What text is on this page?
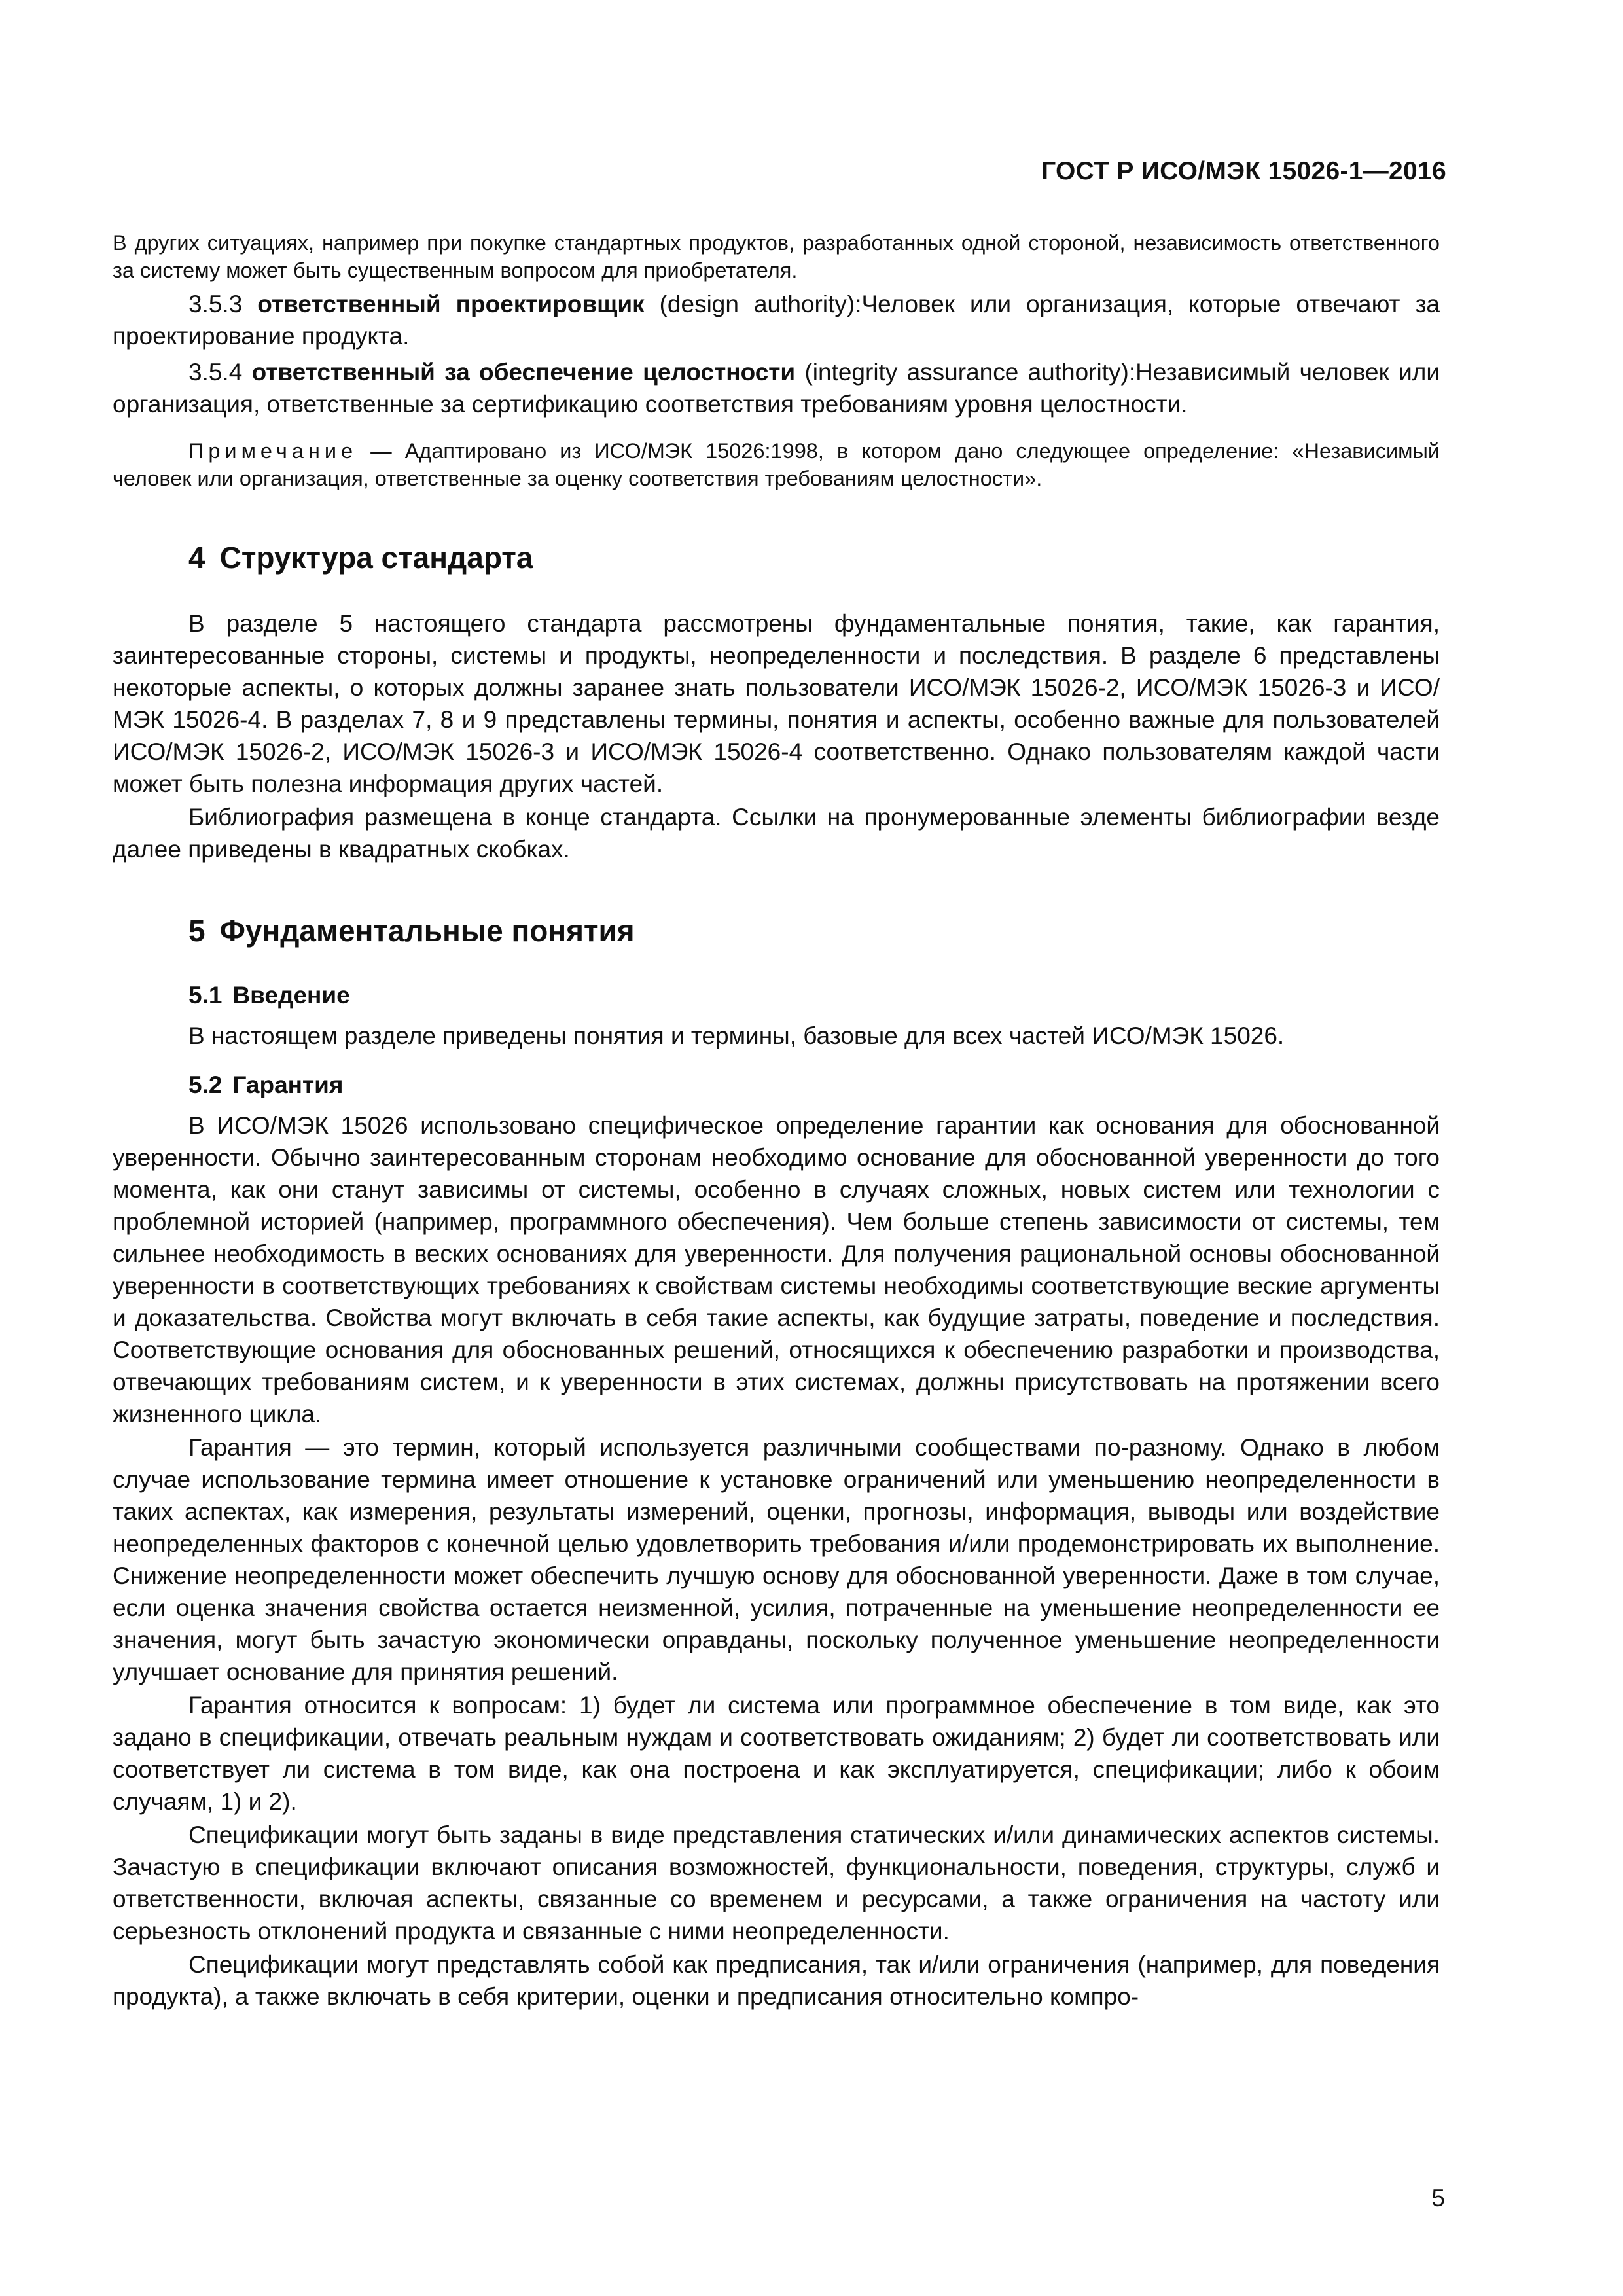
ГОСТ Р ИСО/МЭК 15026-1—2016

В других ситуациях, например при покупке стандартных продуктов, разработанных одной стороной, независимость ответственного за систему может быть существенным вопросом для приобретателя.

3.5.3 ответственный проектировщик (design authority):Человек или организация, которые отвечают за проектирование продукта.

3.5.4 ответственный за обеспечение целостности (integrity assurance authority):Независимый человек или организация, ответственные за сертификацию соответствия требованиям уровня целостности.

Примечание — Адаптировано из ИСО/МЭК 15026:1998, в котором дано следующее определение: «Независимый человек или организация, ответственные за оценку соответствия требованиям целостности».

4 Структура стандарта

В разделе 5 настоящего стандарта рассмотрены фундаментальные понятия, такие, как гарантия, заинтересованные стороны, системы и продукты, неопределенности и последствия. В разделе 6 представлены некоторые аспекты, о которых должны заранее знать пользователи ИСО/МЭК 15026-2, ИСО/МЭК 15026-3 и ИСО/МЭК 15026-4. В разделах 7, 8 и 9 представлены термины, понятия и аспекты, особенно важные для пользователей ИСО/МЭК 15026-2, ИСО/МЭК 15026-3 и ИСО/МЭК 15026-4 соответственно. Однако пользователям каждой части может быть полезна информация других частей.

Библиография размещена в конце стандарта. Ссылки на пронумерованные элементы библиографии везде далее приведены в квадратных скобках.

5 Фундаментальные понятия
5.1 Введение

В настоящем разделе приведены понятия и термины, базовые для всех частей ИСО/МЭК 15026.

5.2 Гарантия

В ИСО/МЭК 15026 использовано специфическое определение гарантии как основания для обоснованной уверенности. Обычно заинтересованным сторонам необходимо основание для обоснованной уверенности до того момента, как они станут зависимы от системы, особенно в случаях сложных, новых систем или технологии с проблемной историей (например, программного обеспечения). Чем больше степень зависимости от системы, тем сильнее необходимость в веских основаниях для уверенности. Для получения рациональной основы обоснованной уверенности в соответствующих требованиях к свойствам системы необходимы соответствующие веские аргументы и доказательства. Свойства могут включать в себя такие аспекты, как будущие затраты, поведение и последствия. Соответствующие основания для обоснованных решений, относящихся к обеспечению разработки и производства, отвечающих требованиям систем, и к уверенности в этих системах, должны присутствовать на протяжении всего жизненного цикла.

Гарантия — это термин, который используется различными сообществами по-разному. Однако в любом случае использование термина имеет отношение к установке ограничений или уменьшению неопределенности в таких аспектах, как измерения, результаты измерений, оценки, прогнозы, информация, выводы или воздействие неопределенных факторов с конечной целью удовлетворить требования и/или продемонстрировать их выполнение. Снижение неопределенности может обеспечить лучшую основу для обоснованной уверенности. Даже в том случае, если оценка значения свойства остается неизменной, усилия, потраченные на уменьшение неопределенности ее значения, могут быть зачастую экономически оправданы, поскольку полученное уменьшение неопределенности улучшает основание для принятия решений.

Гарантия относится к вопросам: 1) будет ли система или программное обеспечение в том виде, как это задано в спецификации, отвечать реальным нуждам и соответствовать ожиданиям; 2) будет ли соответствовать или соответствует ли система в том виде, как она построена и как эксплуатируется, спецификации; либо к обоим случаям, 1) и 2).

Спецификации могут быть заданы в виде представления статических и/или динамических аспектов системы. Зачастую в спецификации включают описания возможностей, функциональности, поведения, структуры, служб и ответственности, включая аспекты, связанные со временем и ресурсами, а также ограничения на частоту или серьезность отклонений продукта и связанные с ними неопределенности.

Спецификации могут представлять собой как предписания, так и/или ограничения (например, для поведения продукта), а также включать в себя критерии, оценки и предписания относительно компро-

5
